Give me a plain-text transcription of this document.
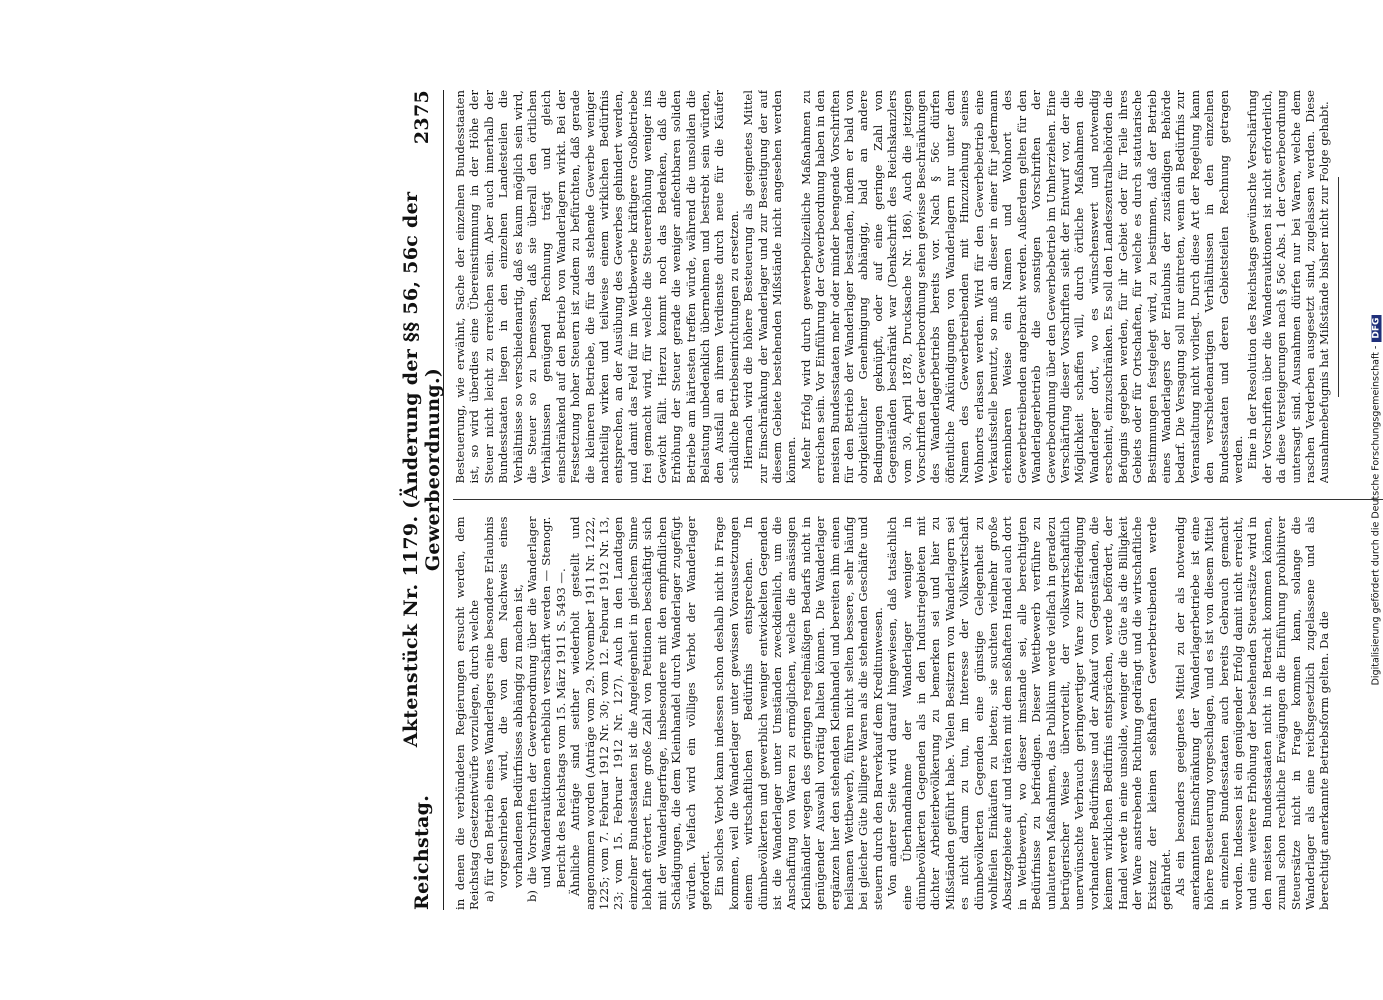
Reichstag.
Aktenstück Nr. 1179. (Änderung der §§ 56, 56c der Gewerbeordnung.)
2375

in denen die verbündeten Regierungen ersucht werden, dem Reichstag Gesetzentwürfe vorzulegen, durch welche a) für den Betrieb eines Wanderlagers eine besondere Erlaubnis vorgeschrieben wird, die von dem Nachweis eines vorhandenen Bedürfnisses abhängig zu machen ist, b) die Vorschriften der Gewerbeordnung über die Wanderlager und Wanderauktionen erheblich verschärft werden — Stenogr. Bericht des Reichstags vom 15. März 1911 S. 5493 —. Ähnliche Anträge sind seither wiederholt gestellt und angenommen worden (Anträge vom 29. November 1911 Nr. 1222, 1225; vom 7. Februar 1912 Nr. 30; vom 12. Februar 1912 Nr. 13, 23; vom 15. Februar 1912 Nr. 127). Auch in den Landtagen einzelner Bundesstaaten ist die Angelegenheit in gleichem Sinne lebhaft erörtert. Eine große Zahl von Petitionen beschäftigt sich mit der Wanderlagerfrage, insbesondere mit den empfindlichen Schädigungen, die dem Kleinhandel durch Wanderlager zugefügt würden. Vielfach wird ein völliges Verbot der Wanderlager gefordert. Ein solches Verbot kann indessen schon deshalb nicht in Frage kommen, weil die Wanderlager unter gewissen Voraussetzungen einem wirtschaftlichen Bedürfnis entsprechen. In dünnbevölkerten und gewerblich weniger entwickelten Gegenden ist die Wanderlager unter Umständen zweckdienlich, um die Anschaffung von Waren zu ermöglichen, welche die ansässigen Kleinhändler wegen des geringen regelmäßigen Bedarfs nicht in genügender Auswahl vorrätig halten können. Die Wanderlager ergänzen hier den stehenden Kleinhandel und bereiten ihm einen heilsamen Wettbewerb, führen nicht selten bessere, sehr häufig bei gleicher Güte billigere Waren als die stehenden Geschäfte und steuern durch den Barverkauf dem Kreditunwesen. Von anderer Seite wird darauf hingewiesen, daß tatsächlich eine Überhandnahme der Wanderlager weniger in dünnbevölkerten Gegenden als in den Industriegebieten mit dichter Arbeiterbevölkerung zu bemerken sei und hier zu Mißständen geführt habe. Vielen Besitzern von Wanderlagern sei es nicht darum zu tun, im Interesse der Volkswirtschaft dünnbevölkerten Gegenden eine günstige Gelegenheit zu wohlfeilen Einkäufen zu bieten; sie suchten vielmehr große Absatzgebiete auf und träten mit dem seßhaften Handel auch dort in Wettbewerb, wo dieser imstande sei, alle berechtigten Bedürfnisse zu befriedigen. Dieser Wettbewerb verführe zu unlauteren Maßnahmen, das Publikum werde vielfach in geradezu betrügerischer Weise übervorteilt, der volkswirtschaftlich unerwünschte Verbrauch geringwertiger Ware zur Befriedigung vorhandener Bedürfnisse und der Ankauf von Gegenständen, die keinem wirklichen Bedürfnis entsprächen, werde befördert, der Handel werde in eine unsolide, weniger die Güte als die Billigkeit der Ware anstrebende Richtung gedrängt und die wirtschaftliche Existenz der kleinen seßhaften Gewerbetreibenden werde gefährdet. Als ein besonders geeignetes Mittel zu der als notwendig anerkannten Einschränkung der Wanderlagerbetriebe ist eine höhere Besteuerung vorgeschlagen, und es ist von diesem Mittel in einzelnen Bundesstaaten auch bereits Gebrauch gemacht worden. Indessen ist ein genügender Erfolg damit nicht erreicht, und eine weitere Erhöhung der bestehenden Steuersätze wird in den meisten Bundesstaaten nicht in Betracht kommen können, zumal schon rechtliche Erwägungen die Einführung prohibitiver Steuersätze nicht in Frage kommen kann, solange die Wanderlager als eine reichsgesetzlich zugelassene und als berechtigt anerkannte Betriebsform gelten. Da die

Besteuerung, wie erwähnt, Sache der einzelnen Bundesstaaten ist, so wird überdies eine Übereinstimmung in der Höhe der Steuer nicht leicht zu erreichen sein. Aber auch innerhalb der Bundesstaaten liegen in den einzelnen Landesteilen die Verhältnisse so verschiedenartig, daß es kaum möglich sein wird, die Steuer so zu bemessen, daß sie überall den örtlichen Verhältnissen genügend Rechnung trägt und gleich einschränkend auf den Betrieb von Wanderlagern wirkt. Bei der Festsetzung hoher Steuern ist zudem zu befürchten, daß gerade die kleineren Betriebe, die für das stehende Gewerbe weniger nachteilig wirken und teilweise einem wirklichen Bedürfnis entsprechen, an der Ausübung des Gewerbes gehindert werden, und damit das Feld für im Wettbewerbe kräftigere Großbetriebe frei gemacht wird, für welche die Steuererhöhung weniger ins Gewicht fällt. Hierzu kommt noch das Bedenken, daß die Erhöhung der Steuer gerade die weniger anfechtbaren soliden Betriebe am härtesten treffen würde, während die unsoliden die Belastung unbedenklich übernehmen und bestrebt sein würden, den Ausfall an ihrem Verdienste durch neue für die Käufer schädliche Betriebseinrichtungen zu ersetzen. Hiernach wird die höhere Besteuerung als geeignetes Mittel zur Einschränkung der Wanderlager und zur Beseitigung der auf diesem Gebiete bestehenden Mißstände nicht angesehen werden können. Mehr Erfolg wird durch gewerbepolizeiliche Maßnahmen zu erreichen sein. Vor Einführung der Gewerbeordnung haben in den meisten Bundesstaaten mehr oder minder beengende Vorschriften für den Betrieb der Wanderlager bestanden, indem er bald von obrigkeitlicher Genehmigung abhängig, bald an andere Bedingungen geknüpft, oder auf eine geringe Zahl von Gegenständen beschränkt war (Denkschrift des Reichskanzlers vom 30. April 1878, Drucksache Nr. 186). Auch die jetzigen Vorschriften der Gewerbeordnung sehen gewisse Beschränkungen des Wanderlagerbetriebs bereits vor. Nach § 56c dürfen öffentliche Ankündigungen von Wanderlagern nur unter dem Namen des Gewerbetreibenden mit Hinzuziehung seines Wohnorts erlassen werden. Wird für den Gewerbebetrieb eine Verkaufsstelle benutzt, so muß an dieser in einer für jedermann erkennbaren Weise ein Namen und Wohnort des Gewerbetreibenden angebracht werden. Außerdem gelten für den Wanderlagerbetrieb die sonstigen Vorschriften der Gewerbeordnung über den Gewerbebetrieb im Umherziehen. Eine Verschärfung dieser Vorschriften sieht der Entwurf vor, der die Möglichkeit schaffen will, durch örtliche Maßnahmen die Wanderlager dort, wo es wünschenswert und notwendig erscheint, einzuschränken. Es soll den Landeszentralbehörden die Befugnis gegeben werden, für ihr Gebiet oder für Teile ihres Gebiets oder für Ortschaften, für welche es durch statutarische Bestimmungen festgelegt wird, zu bestimmen, daß der Betrieb eines Wanderlagers der Erlaubnis der zuständigen Behörde bedarf. Die Versagung soll nur eintreten, wenn ein Bedürfnis zur Veranstaltung nicht vorliegt. Durch diese Art der Regelung kann den verschiedenartigen Verhältnissen in den einzelnen Bundesstaaten und deren Gebietsteilen Rechnung getragen werden. Eine in der Resolution des Reichstags gewünschte Verschärfung der Vorschriften über die Wanderauktionen ist nicht erforderlich, da diese Versteigerungen nach § 56c Abs. 1 der Gewerbeordnung untersagt sind. Ausnahmen dürfen nur bei Waren, welche dem raschen Verderben ausgesetzt sind, zugelassen werden. Diese Ausnahmebefugnis hat Mißstände bisher nicht zur Folge gehabt.

Digitalisierung gefördert durch die Deutsche Forschungsgemeinschaft -DFG
